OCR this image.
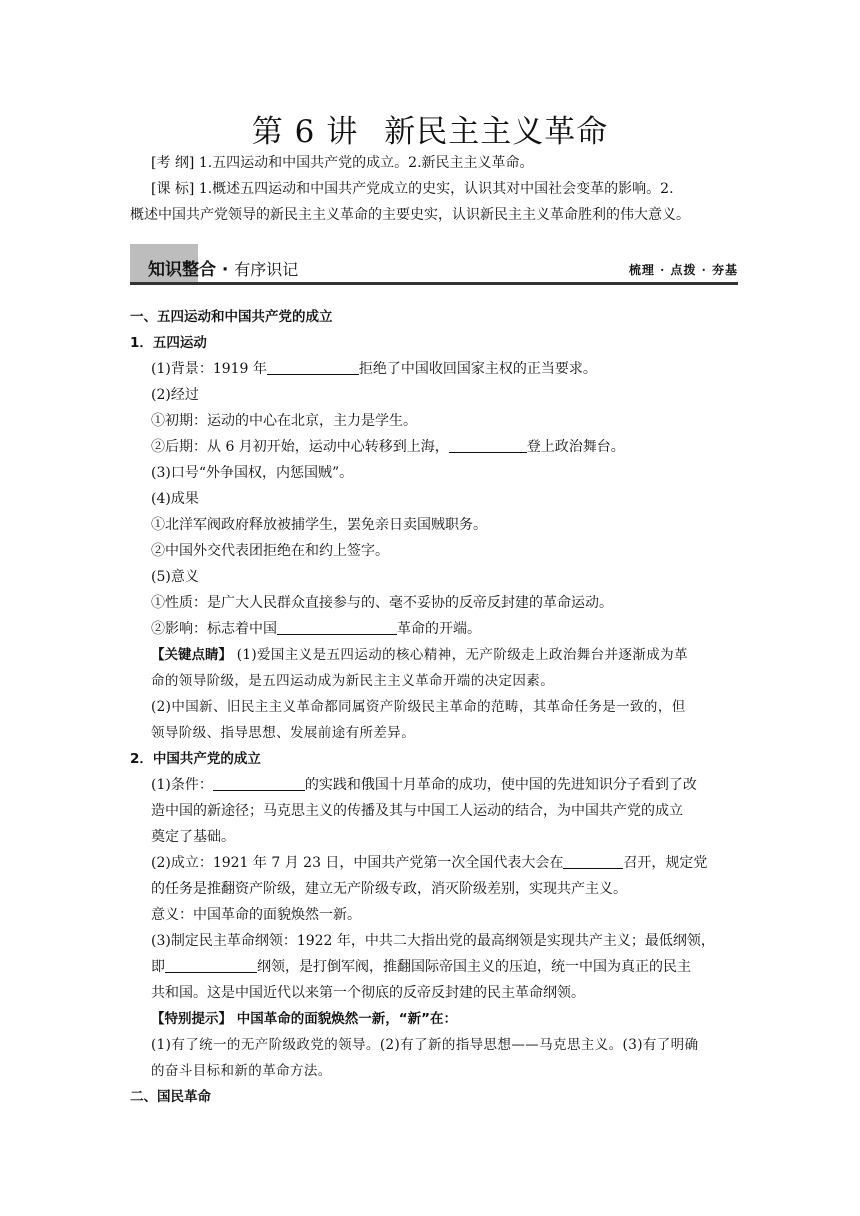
第 6 讲 新民主主义革命

[考 纲] 1.五四运动和中国共产党的成立。2.新民主主义革命。

[课 标] 1.概述五四运动和中国共产党成立的史实，认识其对中国社会变革的影响。2.

概述中国共产党领导的新民主主义革命的主要史实，认识新民主主义革命胜利的伟大意义。

知识整合 · 有序识记	梳理 · 点拨 · 夯基

一、五四运动和中国共产党的成立

1．五四运动

(1)背景：1919 年	拒绝了中国收回国家主权的正当要求。

(2)经过

①初期：运动的中心在北京，主力是学生。

②后期：从 6 月初开始，运动中心转移到上海，	登上政治舞台。

(3)口号“外争国权，内惩国贼”。

(4)成果

①北洋军阀政府释放被捕学生，罢免亲日卖国贼职务。

②中国外交代表团拒绝在和约上签字。

(5)意义

①性质：是广大人民群众直接参与的、毫不妥协的反帝反封建的革命运动。

②影响：标志着中国	革命的开端。

【关键点睛】 (1)爱国主义是五四运动的核心精神，无产阶级走上政治舞台并逐渐成为革

命的领导阶级，是五四运动成为新民主主义革命开端的决定因素。

(2)中国新、旧民主主义革命都同属资产阶级民主革命的范畴，其革命任务是一致的，但

领导阶级、指导思想、发展前途有所差异。

2．中国共产党的成立

(1)条件：	的实践和俄国十月革命的成功，使中国的先进知识分子看到了改

造中国的新途径；马克思主义的传播及其与中国工人运动的结合，为中国共产党的成立

奠定了基础。

(2)成立：1921 年 7 月 23 日，中国共产党第一次全国代表大会在	召开，规定党

的任务是推翻资产阶级，建立无产阶级专政，消灭阶级差别，实现共产主义。

意义：中国革命的面貌焕然一新。

(3)制定民主革命纲领：1922 年，中共二大指出党的最高纲领是实现共产主义；最低纲领，

即	纲领，是打倒军阀，推翻国际帝国主义的压迫，统一中国为真正的民主

共和国。这是中国近代以来第一个彻底的反帝反封建的民主革命纲领。

【特别提示】 中国革命的面貌焕然一新，“新”在：

(1)有了统一的无产阶级政党的领导。(2)有了新的指导思想——马克思主义。(3)有了明确

的奋斗目标和新的革命方法。

二、国民革命
